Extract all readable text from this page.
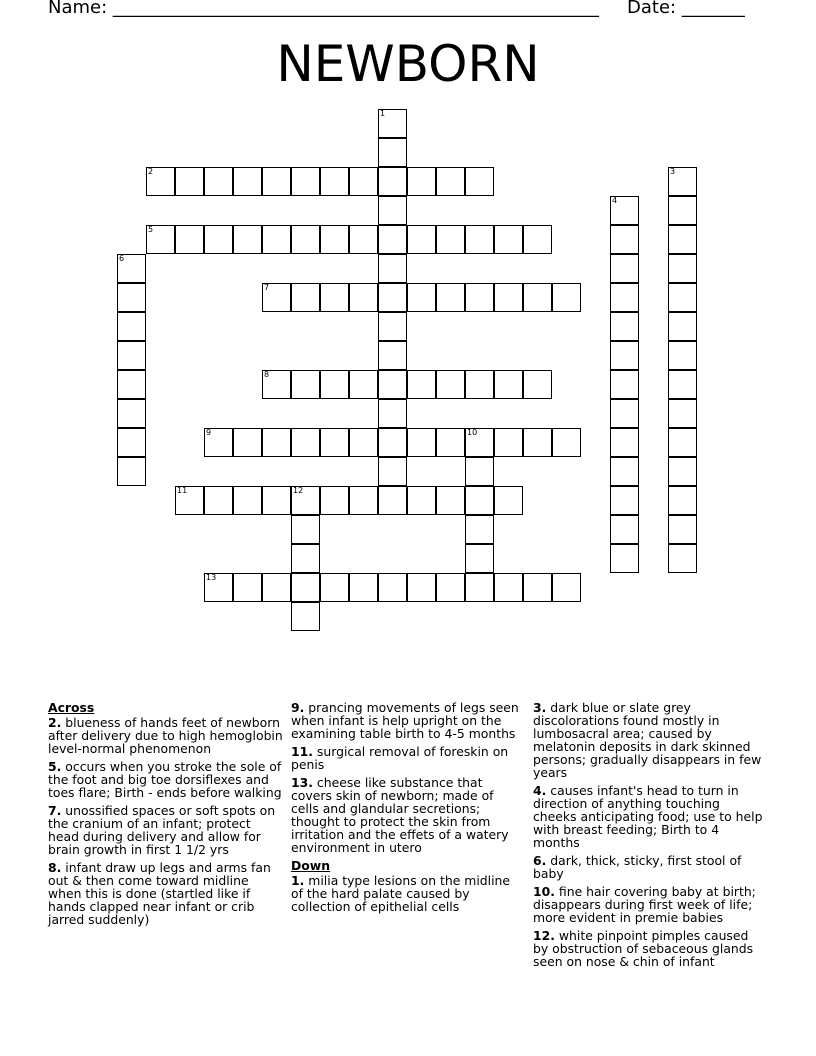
Name: ______________________________________________________ Date: _______
NEWBORN
1
2	3
4
5
6
7
8
9	10
11	12
13
Across
2. blueness of hands feet of newborn after delivery due to high hemoglobin level-normal phenomenon
5. occurs when you stroke the sole of the foot and big toe dorsiflexes and toes flare; Birth - ends before walking
7. unossified spaces or soft spots on the cranium of an infant; protect head during delivery and allow for brain growth in first 1 1/2 yrs
8. infant draw up legs and arms fan out & then come toward midline when this is done (startled like if hands clapped near infant or crib jarred suddenly)
9. prancing movements of legs seen when infant is help upright on the examining table birth to 4-5 months
11. surgical removal of foreskin on penis
13. cheese like substance that covers skin of newborn; made of cells and glandular secretions; thought to protect the skin from irritation and the effets of a watery environment in utero
Down
1. milia type lesions on the midline of the hard palate caused by collection of epithelial cells
3. dark blue or slate grey discolorations found mostly in lumbosacral area; caused by melatonin deposits in dark skinned persons; gradually disappears in few years
4. causes infant's head to turn in direction of anything touching cheeks anticipating food; use to help with breast feeding; Birth to 4 months
6. dark, thick, sticky, first stool of baby
10. fine hair covering baby at birth; disappears during first week of life; more evident in premie babies
12. white pinpoint pimples caused by obstruction of sebaceous glands seen on nose & chin of infant
